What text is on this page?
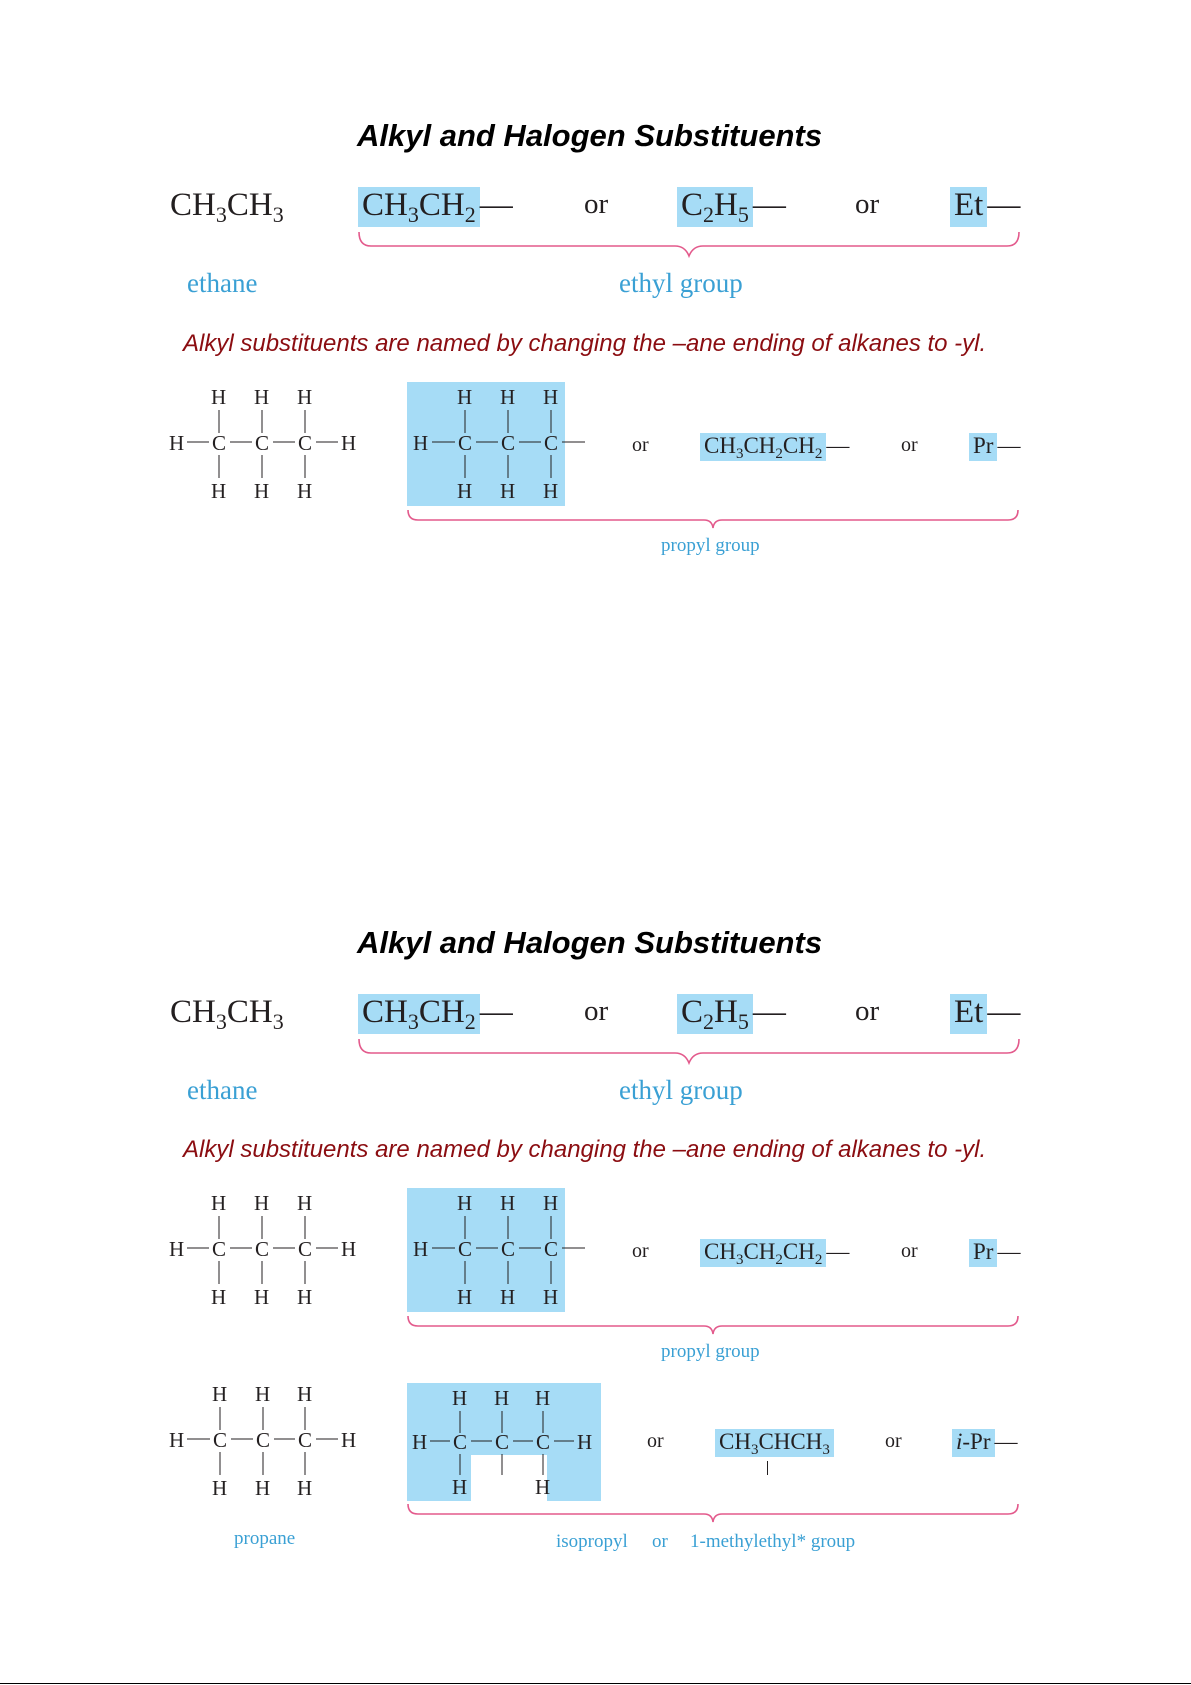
Alkyl and Halogen Substituents
$CH_3CH_3$ $CH_3CH_2$ — or $C_2H_5$ — or Et —
ethane	ethyl group
Alkyl substituents are named by changing the –ane ending of alkanes to -yl.
H H H
H C C C H
H H H
H H H
H C C C
H H H
or $CH_3CH_2CH_2$ —	or Pr —
propyl group
Alkyl and Halogen Substituents
$CH_3CH_3$ $CH_3CH_2$ — or $C_2H_5$ — or Et —
ethane	ethyl group
Alkyl substituents are named by changing the –ane ending of alkanes to -yl.
H H H
H C C C H
H H H
H H H
H C C C
H H H
or $CH_3CH_2CH_2$ —	or Pr —
propyl group
H H H
H C C C H
H H H
H H H
H C C C H
H	H
or $CH_3CHCH_3$	or i-Pr —
propane	isopropyl or 1-methylethyl* group
